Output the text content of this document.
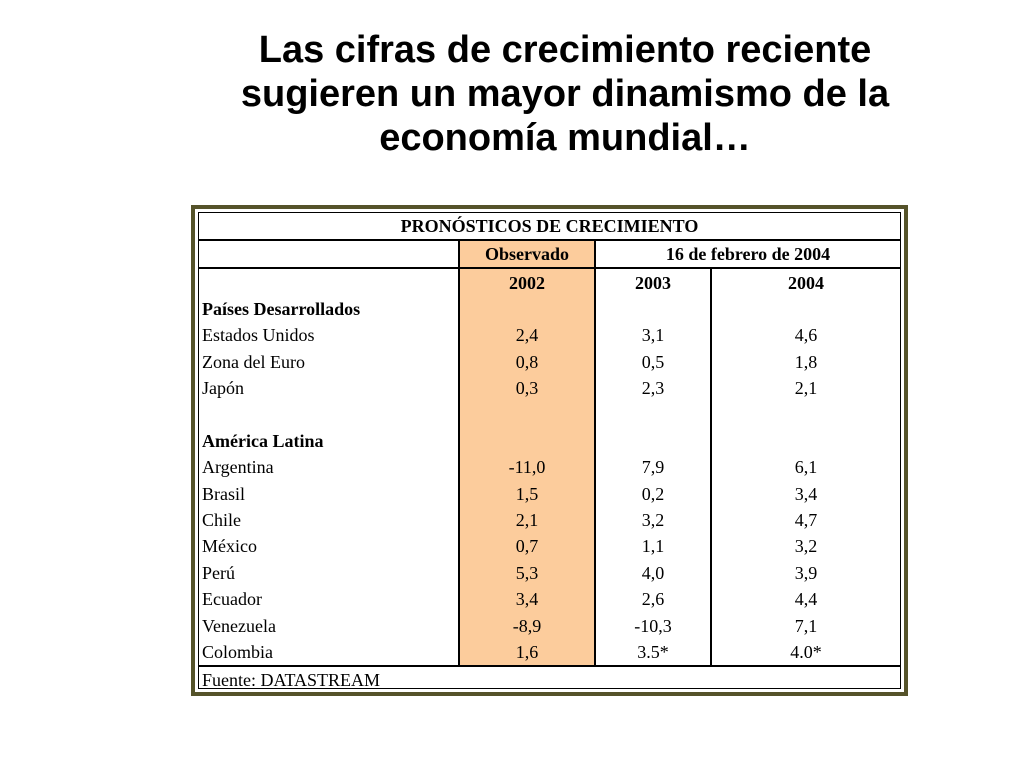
Las cifras de crecimiento reciente
sugieren un mayor dinamismo de la
economía mundial…
PRONÓSTICOS DE CRECIMIENTO			
	Observado	16 de febrero de 2004	
	2002	2003	2004
Países Desarrollados			
Estados Unidos	2,4	3,1	4,6
Zona del Euro	0,8	0,5	1,8
Japón	0,3	2,3	2,1

América Latina			
Argentina	-11,0	7,9	6,1
Brasil	1,5	0,2	3,4
Chile	2,1	3,2	4,7
México	0,7	1,1	3,2
Perú	5,3	4,0	3,9
Ecuador	3,4	2,6	4,4
Venezuela	-8,9	-10,3	7,1
Colombia	1,6	3.5*	4.0*
Fuente: DATASTREAM			
